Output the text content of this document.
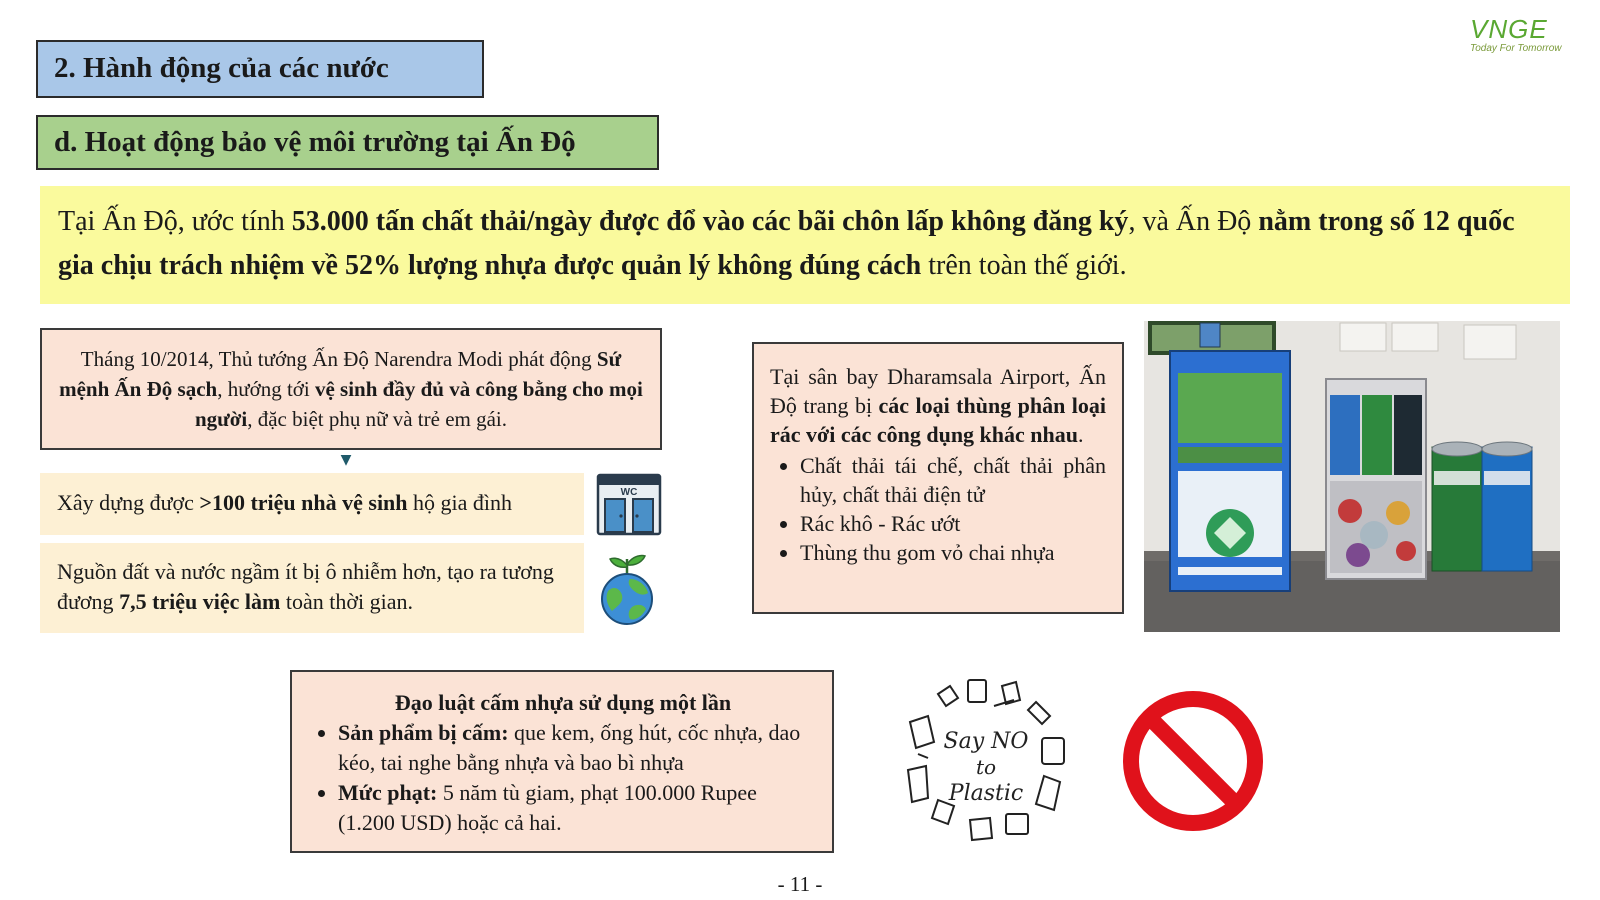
VNGE
Today For Tomorrow
2. Hành động của các nước
d. Hoạt động bảo vệ môi trường tại Ấn Độ
Tại Ấn Độ, ước tính 53.000 tấn chất thải/ngày được đổ vào các bãi chôn lấp không đăng ký, và Ấn Độ nằm trong số 12 quốc gia chịu trách nhiệm về 52% lượng nhựa được quản lý không đúng cách trên toàn thế giới.
Tháng 10/2014, Thủ tướng Ấn Độ Narendra Modi phát động Sứ mệnh Ấn Độ sạch, hướng tới vệ sinh đầy đủ và công bằng cho mọi người, đặc biệt phụ nữ và trẻ em gái.
▼
Xây dựng được >100 triệu nhà vệ sinh hộ gia đình
Nguồn đất và nước ngầm ít bị ô nhiễm hơn, tạo ra tương đương 7,5 triệu việc làm toàn thời gian.
WC
Tại sân bay Dharamsala Airport, Ấn Độ trang bị các loại thùng phân loại rác với các công dụng khác nhau.
• Chất thải tái chế, chất thải phân hủy, chất thải điện tử
• Rác khô - Rác ướt
• Thùng thu gom vỏ chai nhựa
Đạo luật cấm nhựa sử dụng một lần
• Sản phẩm bị cấm: que kem, ống hút, cốc nhựa, dao kéo, tai nghe bằng nhựa và bao bì nhựa
• Mức phạt: 5 năm tù giam, phạt 100.000 Rupee (1.200 USD) hoặc cả hai.
Say NO
to
Plastic
- 11 -
